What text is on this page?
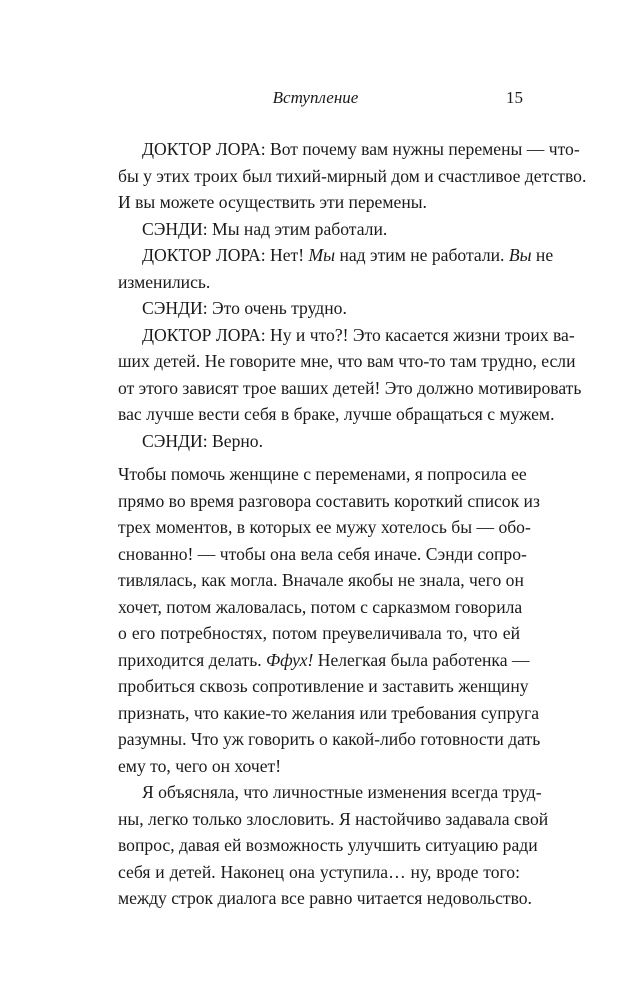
Вступление	15
ДОКТОР ЛОРА: Вот почему вам нужны перемены — что-
бы у этих троих был тихий-мирный дом и счастливое детство.
И вы можете осуществить эти перемены.
СЭНДИ: Мы над этим работали.
ДОКТОР ЛОРА: Нет! Мы над этим не работали. Вы не
изменились.
СЭНДИ: Это очень трудно.
ДОКТОР ЛОРА: Ну и что?! Это касается жизни троих ва-
ших детей. Не говорите мне, что вам что-то там трудно, если
от этого зависят трое ваших детей! Это должно мотивировать
вас лучше вести себя в браке, лучше обращаться с мужем.
СЭНДИ: Верно.
Чтобы помочь женщине с переменами, я попросила ее
прямо во время разговора составить короткий список из
трех моментов, в которых ее мужу хотелось бы — обо-
снованно! — чтобы она вела себя иначе. Сэнди сопро-
тивлялась, как могла. Вначале якобы не знала, чего он
хочет, потом жаловалась, потом с сарказмом говорила
о его потребностях, потом преувеличивала то, что ей
приходится делать. Ффух! Нелегкая была работенка —
пробиться сквозь сопротивление и заставить женщину
признать, что какие-то желания или требования супруга
разумны. Что уж говорить о какой-либо готовности дать
ему то, чего он хочет!
Я объясняла, что личностные изменения всегда труд-
ны, легко только злословить. Я настойчиво задавала свой
вопрос, давая ей возможность улучшить ситуацию ради
себя и детей. Наконец она уступила… ну, вроде того:
между строк диалога все равно читается недовольство.
